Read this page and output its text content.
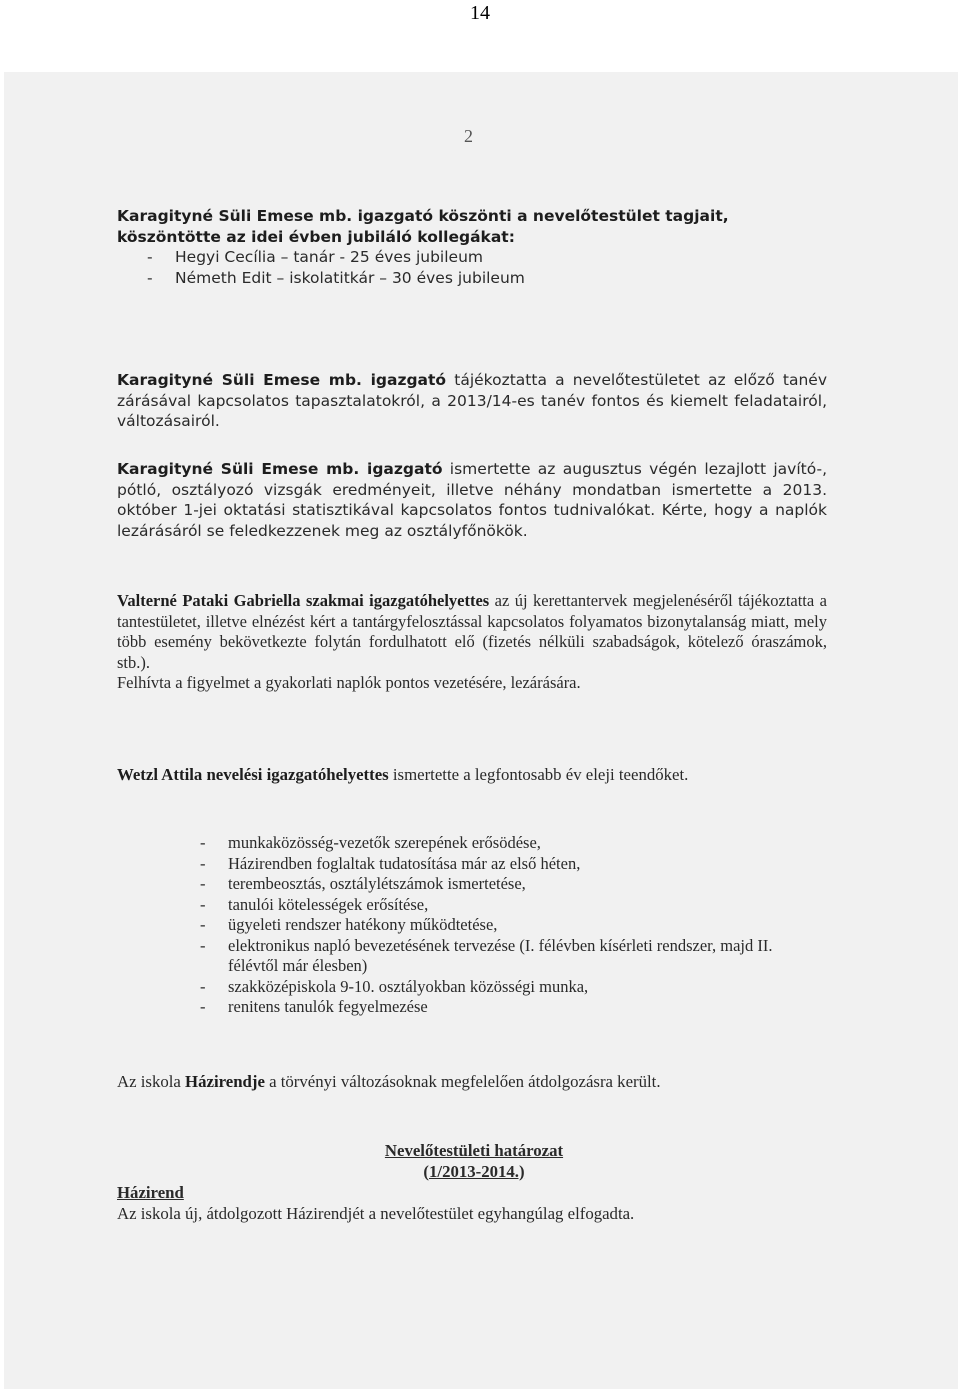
14
2
Karagityné Süli Emese mb. igazgató köszönti a nevelőtestület tagjait,
köszöntötte az idei évben jubiláló kollegákat:
- Hegyi Cecília – tanár - 25 éves jubileum
- Németh Edit – iskolatitkár – 30 éves jubileum
Karagityné Süli Emese mb. igazgató tájékoztatta a nevelőtestületet az előző tanév zárásával kapcsolatos tapasztalatokról, a 2013/14-es tanév fontos és kiemelt feladatairól, változásairól.
Karagityné Süli Emese mb. igazgató ismertette az augusztus végén lezajlott javító-, pótló, osztályozó vizsgák eredményeit, illetve néhány mondatban ismertette a 2013. október 1-jei oktatási statisztikával kapcsolatos fontos tudnivalókat. Kérte, hogy a naplók lezárásáról se feledkezzenek meg az osztályfőnökök.
Valterné Pataki Gabriella szakmai igazgatóhelyettes az új kerettantervek megjelenéséről tájékoztatta a tantestületet, illetve elnézést kért a tantárgyfelosztással kapcsolatos folyamatos bizonytalanság miatt, mely több esemény bekövetkezte folytán fordulhatott elő (fizetés nélküli szabadságok, kötelező óraszámok, stb.).
Felhívta a figyelmet a gyakorlati naplók pontos vezetésére, lezárására.
Wetzl Attila nevelési igazgatóhelyettes ismertette a legfontosabb év eleji teendőket.
- munkaközösség-vezetők szerepének erősödése,
- Házirendben foglaltak tudatosítása már az első héten,
- terembeosztás, osztálylétszámok ismertetése,
- tanulói kötelességek erősítése,
- ügyeleti rendszer hatékony működtetése,
- elektronikus napló bevezetésének tervezése (I. félévben kísérleti rendszer, majd II. félévtől már élesben)
- szakközépiskola 9-10. osztályokban közösségi munka,
- renitens tanulók fegyelmezése
Az iskola Házirendje a törvényi változásoknak megfelelően átdolgozásra került.
Nevelőtestületi határozat
(1/2013-2014.)
Házirend
Az iskola új, átdolgozott Házirendjét a nevelőtestület egyhangúlag elfogadta.
